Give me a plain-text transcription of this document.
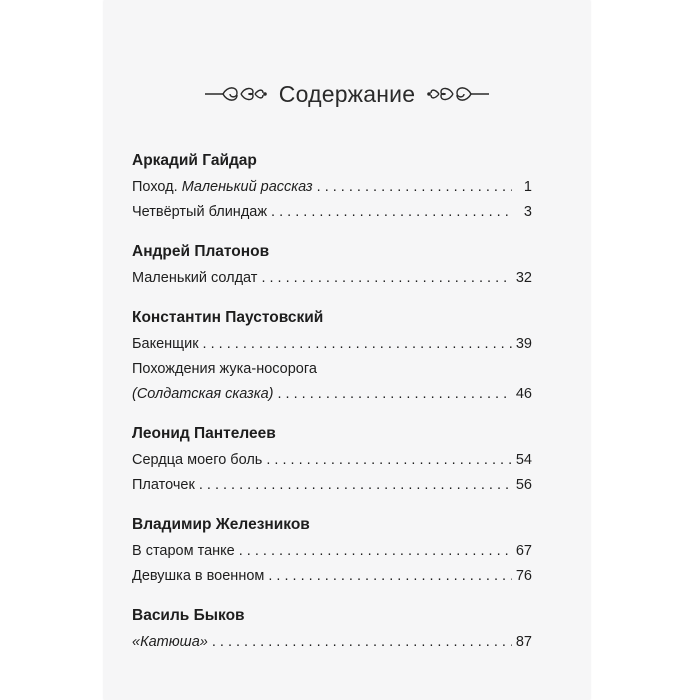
Содержание
Аркадий Гайдар
Поход. Маленький рассказ . . .	1
Четвёртый блиндаж . . .	3
Андрей Платонов
Маленький солдат . . .	32
Константин Паустовский
Бакенщик . . .	39
Похождения жука-носорога
(Солдатская сказка) . . .	46
Леонид Пантелеев
Сердца моего боль . . .	54
Платочек . . .	56
Владимир Железников
В старом танке . . .	67
Девушка в военном . . .	76
Василь Быков
«Катюша» . . .	87
